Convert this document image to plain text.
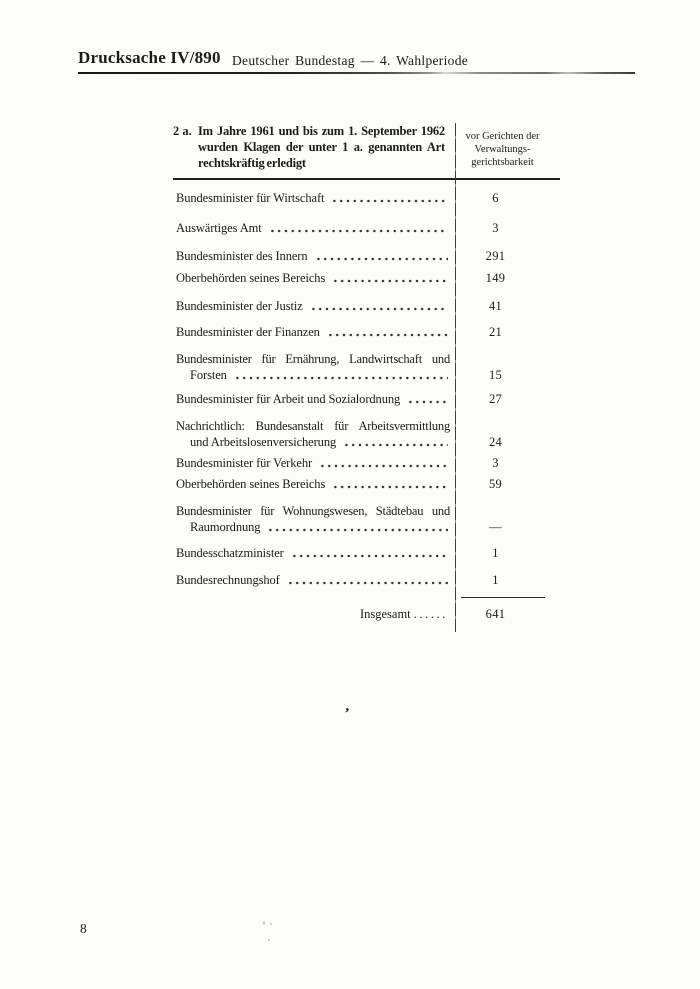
Drucksache IV/890 Deutscher Bundestag — 4. Wahlperiode
2 a. Im Jahre 1961 und bis zum 1. September 1962
wurden Klagen der unter 1 a. genannten Art
rechtskräftig erledigt
vor Gerichten der
Verwaltungs-
gerichtsbarkeit
Bundesminister für Wirtschaft	6
Auswärtiges Amt	3
Bundesminister des Innern	291
Oberbehörden seines Bereichs	149
Bundesminister der Justiz	41
Bundesminister der Finanzen	21
Bundesminister für Ernährung, Landwirtschaft und
Forsten	15
Bundesminister für Arbeit und Sozialordnung	27
Nachrichtlich: Bundesanstalt für Arbeitsvermittlung
und Arbeitslosenversicherung	24
Bundesminister für Verkehr	3
Oberbehörden seines Bereichs	59
Bundesminister für Wohnungswesen, Städtebau und
Raumordnung	—
Bundesschatzminister	1
Bundesrechnungshof	1
Insgesamt ......	641
’
8
